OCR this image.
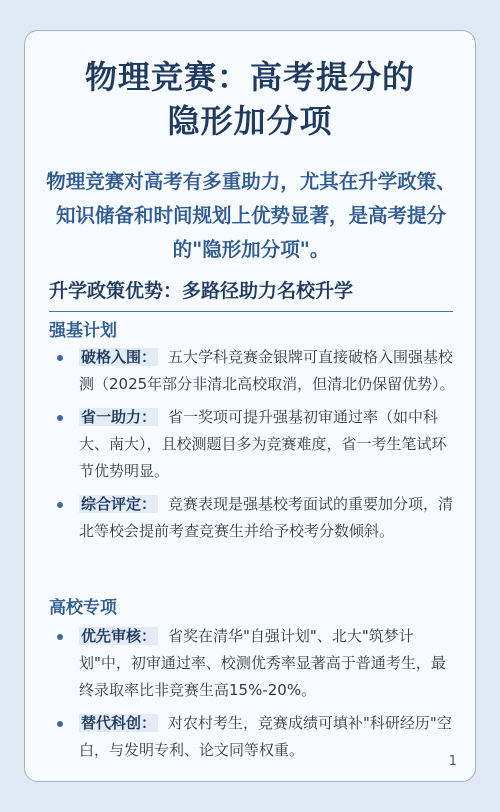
物理竞赛：高考提分的
隐形加分项
物理竞赛对高考有多重助力，尤其在升学政策、知识储备和时间规划上优势显著，是高考提分的"隐形加分项"。
升学政策优势：多路径助力名校升学
强基计划
破格入围： 五大学科竞赛金银牌可直接破格入围强基校测（2025年部分非清北高校取消，但清北仍保留优势）。
省一助力： 省一奖项可提升强基初审通过率（如中科大、南大），且校测题目多为竞赛难度，省一考生笔试环节优势明显。
综合评定： 竞赛表现是强基校考面试的重要加分项，清北等校会提前考查竞赛生并给予校考分数倾斜。
高校专项
优先审核： 省奖在清华"自强计划"、北大"筑梦计划"中，初审通过率、校测优秀率显著高于普通考生，最终录取率比非竞赛生高15%-20%。
替代科创： 对农村考生，竞赛成绩可填补"科研经历"空白，与发明专利、论文同等权重。
1
